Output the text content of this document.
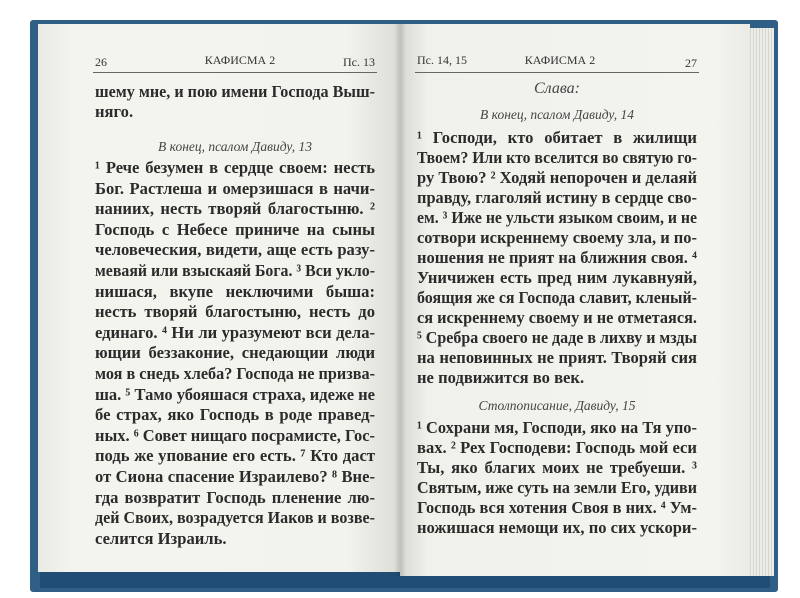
26	КАФИСМА 2	Пс. 13
шему мне, и пою имени Господа Выш-
няго.
В конец, псалом Давиду, 13
¹ Рече безумен в сердце своем: несть
Бог. Растлеша и омерзишася в начи-
наниих, несть творяй благостыню. ²
Господь с Небесе приниче на сыны
человеческия, видети, аще есть разу-
меваяй или взыскаяй Бога. ³ Вси укло-
нишася, вкупе неключими быша:
несть творяй благостыню, несть до
единаго. ⁴ Ни ли уразумеют вси дела-
ющии беззаконие, снедающии люди
моя в снедь хлеба? Господа не призва-
ша. ⁵ Тамо убояшася страха, идеже не
бе страх, яко Господь в роде правед-
ных. ⁶ Совет нищаго посрамисте, Гос-
подь же упование его есть. ⁷ Кто даст
от Сиона спасение Израилево? ⁸ Вне-
гда возвратит Господь пленение лю-
дей Своих, возрадуется Иаков и возве-
селится Израиль.
Пс. 14, 15	КАФИСМА 2	27
Слава:
В конец, псалом Давиду, 14
Столпописание, Давиду, 15
¹ Господи, кто обитает в жилищи
Твоем? Или кто вселится во святую го-
ру Твою? ² Ходяй непорочен и делаяй
правду, глаголяй истину в сердце сво-
ем. ³ Иже не ульсти языком своим, и не
сотвори искреннему своему зла, и по-
ношения не прият на ближния своя. ⁴
Уничижен есть пред ним лукавнуяй,
боящия же ся Господа славит, кленый-
ся искреннему своему и не отметаяся.
⁵ Сребра своего не даде в лихву и мзды
на неповинных не прият. Творяй сия
не подвижится во век.
¹ Сохрани мя, Господи, яко на Тя упо-
вах. ² Рех Господеви: Господь мой еси
Ты, яко благих моих не требуеши. ³
Святым, иже суть на земли Его, удиви
Господь вся хотения Своя в них. ⁴ Ум-
ножишася немощи их, по сих ускори-
